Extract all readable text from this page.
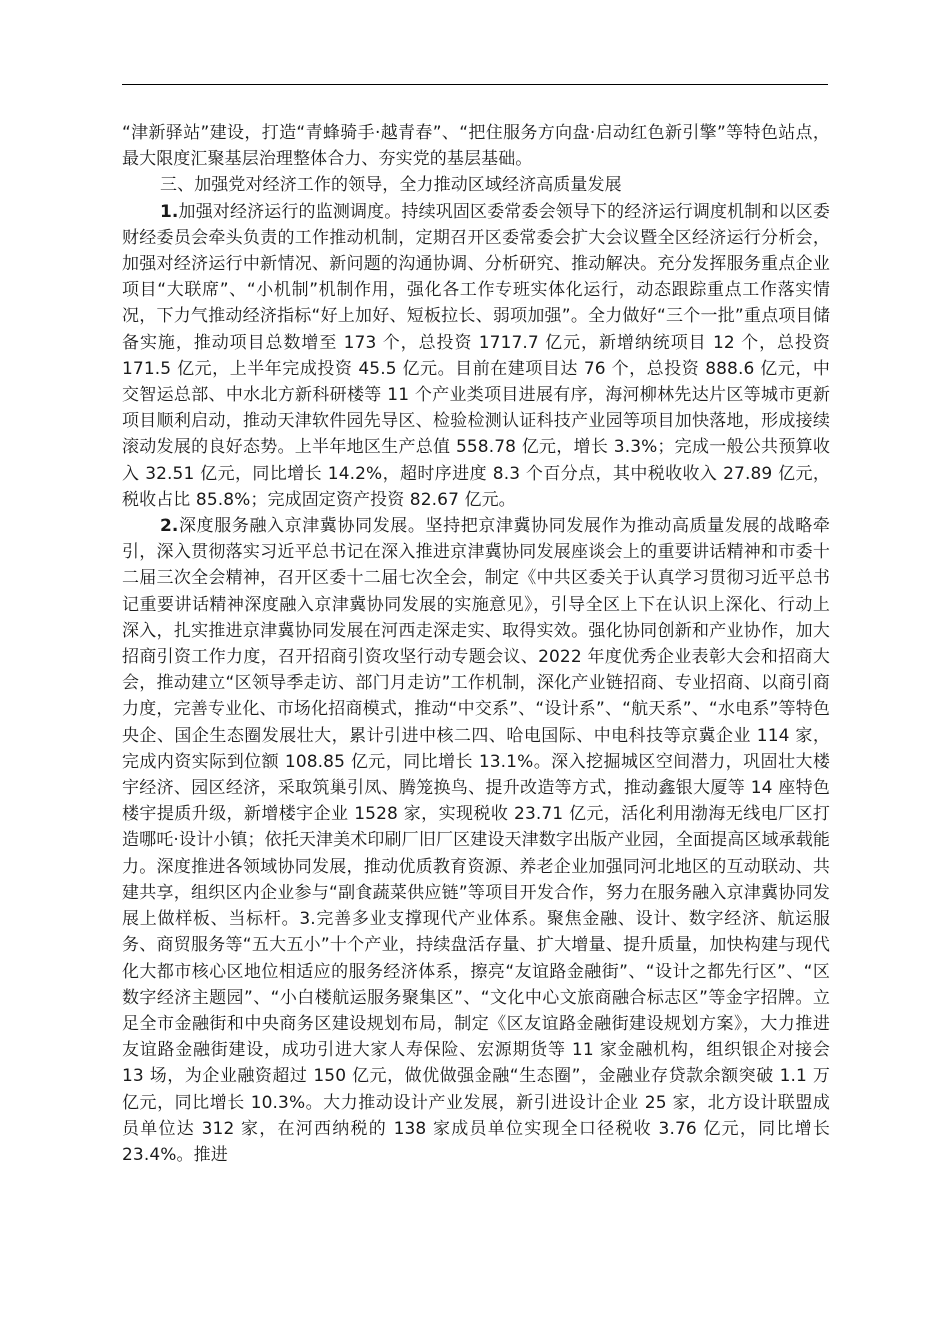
“津新驿站”建设，打造“青蜂骑手·越青春”、“把住服务方向盘·启动红色新引擎”等特色站点，最大限度汇聚基层治理整体合力、夯实党的基层基础。

三、加强党对经济工作的领导，全力推动区域经济高质量发展

1.加强对经济运行的监测调度。持续巩固区委常委会领导下的经济运行调度机制和以区委财经委员会牵头负责的工作推动机制，定期召开区委常委会扩大会议暨全区经济运行分析会，加强对经济运行中新情况、新问题的沟通协调、分析研究、推动解决。充分发挥服务重点企业项目“大联席”、“小机制”机制作用，强化各工作专班实体化运行，动态跟踪重点工作落实情况，下力气推动经济指标“好上加好、短板拉长、弱项加强”。全力做好“三个一批”重点项目储备实施，推动项目总数增至 173 个，总投资 1717.7 亿元，新增纳统项目 12 个，总投资 171.5 亿元，上半年完成投资 45.5 亿元。目前在建项目达 76 个，总投资 888.6 亿元，中交智运总部、中水北方新科研楼等 11 个产业类项目进展有序，海河柳林先达片区等城市更新项目顺利启动，推动天津软件园先导区、检验检测认证科技产业园等项目加快落地，形成接续滚动发展的良好态势。上半年地区生产总值 558.78 亿元，增长 3.3%；完成一般公共预算收入 32.51 亿元，同比增长 14.2%，超时序进度 8.3 个百分点，其中税收收入 27.89 亿元，税收占比 85.8%；完成固定资产投资 82.67 亿元。

2.深度服务融入京津冀协同发展。坚持把京津冀协同发展作为推动高质量发展的战略牵引，深入贯彻落实习近平总书记在深入推进京津冀协同发展座谈会上的重要讲话精神和市委十二届三次全会精神，召开区委十二届七次全会，制定《中共区委关于认真学习贯彻习近平总书记重要讲话精神深度融入京津冀协同发展的实施意见》，引导全区上下在认识上深化、行动上深入，扎实推进京津冀协同发展在河西走深走实、取得实效。强化协同创新和产业协作，加大招商引资工作力度，召开招商引资攻坚行动专题会议、2022 年度优秀企业表彰大会和招商大会，推动建立“区领导季走访、部门月走访”工作机制，深化产业链招商、专业招商、以商引商力度，完善专业化、市场化招商模式，推动“中交系”、“设计系”、“航天系”、“水电系”等特色央企、国企生态圈发展壮大，累计引进中核二四、哈电国际、中电科技等京冀企业 114 家，完成内资实际到位额 108.85 亿元，同比增长 13.1%。深入挖掘城区空间潜力，巩固壮大楼宇经济、园区经济，采取筑巢引凤、腾笼换鸟、提升改造等方式，推动鑫银大厦等 14 座特色楼宇提质升级，新增楼宇企业 1528 家，实现税收 23.71 亿元，活化利用渤海无线电厂区打造哪吒·设计小镇；依托天津美术印刷厂旧厂区建设天津数字出版产业园，全面提高区域承载能力。深度推进各领域协同发展，推动优质教育资源、养老企业加强同河北地区的互动联动、共建共享，组织区内企业参与“副食蔬菜供应链”等项目开发合作，努力在服务融入京津冀协同发展上做样板、当标杆。3.完善多业支撑现代产业体系。聚焦金融、设计、数字经济、航运服务、商贸服务等“五大五小”十个产业，持续盘活存量、扩大增量、提升质量，加快构建与现代化大都市核心区地位相适应的服务经济体系，擦亮“友谊路金融街”、“设计之都先行区”、“区数字经济主题园”、“小白楼航运服务聚集区”、“文化中心文旅商融合标志区”等金字招牌。立足全市金融街和中央商务区建设规划布局，制定《区友谊路金融街建设规划方案》，大力推进友谊路金融街建设，成功引进大家人寿保险、宏源期货等 11 家金融机构，组织银企对接会 13 场，为企业融资超过 150 亿元，做优做强金融“生态圈”，金融业存贷款余额突破 1.1 万亿元，同比增长 10.3%。大力推动设计产业发展，新引进设计企业 25 家，北方设计联盟成员单位达 312 家，在河西纳税的 138 家成员单位实现全口径税收 3.76 亿元，同比增长 23.4%。推进
